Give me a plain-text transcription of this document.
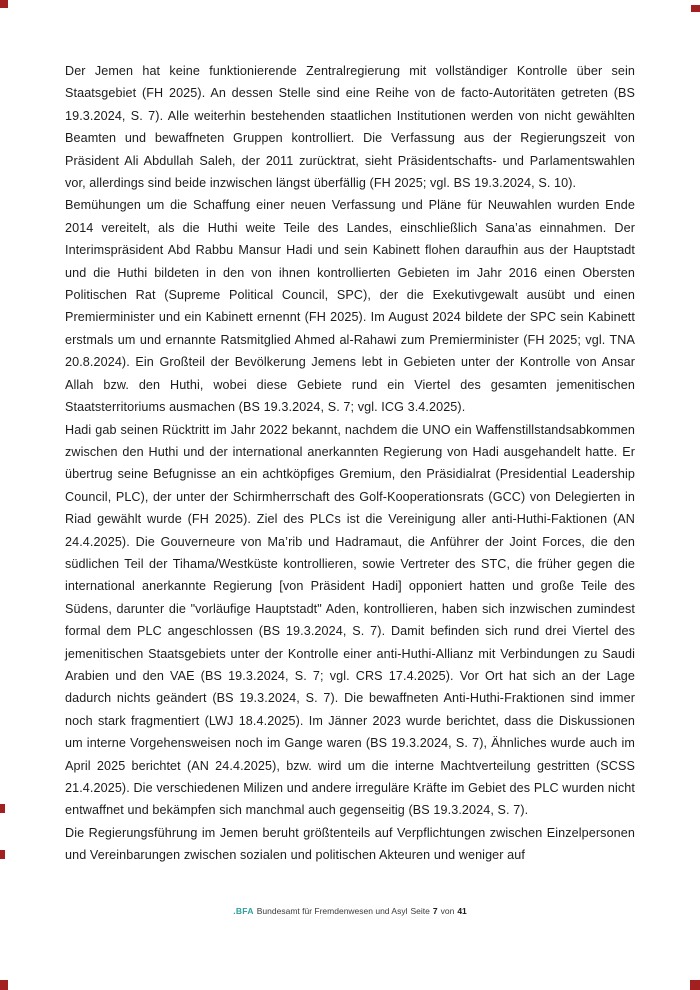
Der Jemen hat keine funktionierende Zentralregierung mit vollständiger Kontrolle über sein Staatsgebiet (FH 2025). An dessen Stelle sind eine Reihe von de facto-Autoritäten getreten (BS 19.3.2024, S. 7). Alle weiterhin bestehenden staatlichen Institutionen werden von nicht gewählten Beamten und bewaffneten Gruppen kontrolliert. Die Verfassung aus der Regierungszeit von Präsident Ali Abdullah Saleh, der 2011 zurücktrat, sieht Präsidentschafts- und Parlamentswahlen vor, allerdings sind beide inzwischen längst überfällig (FH 2025; vgl. BS 19.3.2024, S. 10).

Bemühungen um die Schaffung einer neuen Verfassung und Pläne für Neuwahlen wurden Ende 2014 vereitelt, als die Huthi weite Teile des Landes, einschließlich Sana’as einnahmen. Der Interimspräsident Abd Rabbu Mansur Hadi und sein Kabinett flohen daraufhin aus der Hauptstadt und die Huthi bildeten in den von ihnen kontrollierten Gebieten im Jahr 2016 einen Obersten Politischen Rat (Supreme Political Council, SPC), der die Exekutivgewalt ausübt und einen Premierminister und ein Kabinett ernennt (FH 2025). Im August 2024 bildete der SPC sein Kabinett erstmals um und ernannte Ratsmitglied Ahmed al-Rahawi zum Premierminister (FH 2025; vgl. TNA 20.8.2024). Ein Großteil der Bevölkerung Jemens lebt in Gebieten unter der Kontrolle von Ansar Allah bzw. den Huthi, wobei diese Gebiete rund ein Viertel des gesamten jemenitischen Staatsterritoriums ausmachen (BS 19.3.2024, S. 7; vgl. ICG 3.4.2025).

Hadi gab seinen Rücktritt im Jahr 2022 bekannt, nachdem die UNO ein Waffenstillstandsabkommen zwischen den Huthi und der international anerkannten Regierung von Hadi ausgehandelt hatte. Er übertrug seine Befugnisse an ein achtköpfiges Gremium, den Präsidialrat (Presidential Leadership Council, PLC), der unter der Schirmherrschaft des Golf-Kooperationsrats (GCC) von Delegierten in Riad gewählt wurde (FH 2025). Ziel des PLCs ist die Vereinigung aller anti-Huthi-Faktionen (AN 24.4.2025). Die Gouverneure von Ma’rib und Hadramaut, die Anführer der Joint Forces, die den südlichen Teil der Tihama/Westküste kontrollieren, sowie Vertreter des STC, die früher gegen die international anerkannte Regierung [von Präsident Hadi] opponiert hatten und große Teile des Südens, darunter die "vorläufige Hauptstadt" Aden, kontrollieren, haben sich inzwischen zumindest formal dem PLC angeschlossen (BS 19.3.2024, S. 7). Damit befinden sich rund drei Viertel des jemenitischen Staatsgebiets unter der Kontrolle einer anti-Huthi-Allianz mit Verbindungen zu Saudi Arabien und den VAE (BS 19.3.2024, S. 7; vgl. CRS 17.4.2025). Vor Ort hat sich an der Lage dadurch nichts geändert (BS 19.3.2024, S. 7). Die bewaffneten Anti-Huthi-Fraktionen sind immer noch stark fragmentiert (LWJ 18.4.2025). Im Jänner 2023 wurde berichtet, dass die Diskussionen um interne Vorgehensweisen noch im Gange waren (BS 19.3.2024, S. 7), Ähnliches wurde auch im April 2025 berichtet (AN 24.4.2025), bzw. wird um die interne Machtverteilung gestritten (SCSS 21.4.2025). Die verschiedenen Milizen und andere irreguläre Kräfte im Gebiet des PLC wurden nicht entwaffnet und bekämpfen sich manchmal auch gegenseitig (BS 19.3.2024, S. 7).

Die Regierungsführung im Jemen beruht größtenteils auf Verpflichtungen zwischen Einzelpersonen und Vereinbarungen zwischen sozialen und politischen Akteuren und weniger auf

.BFA Bundesamt für Fremdenwesen und Asyl Seite 7 von 41
